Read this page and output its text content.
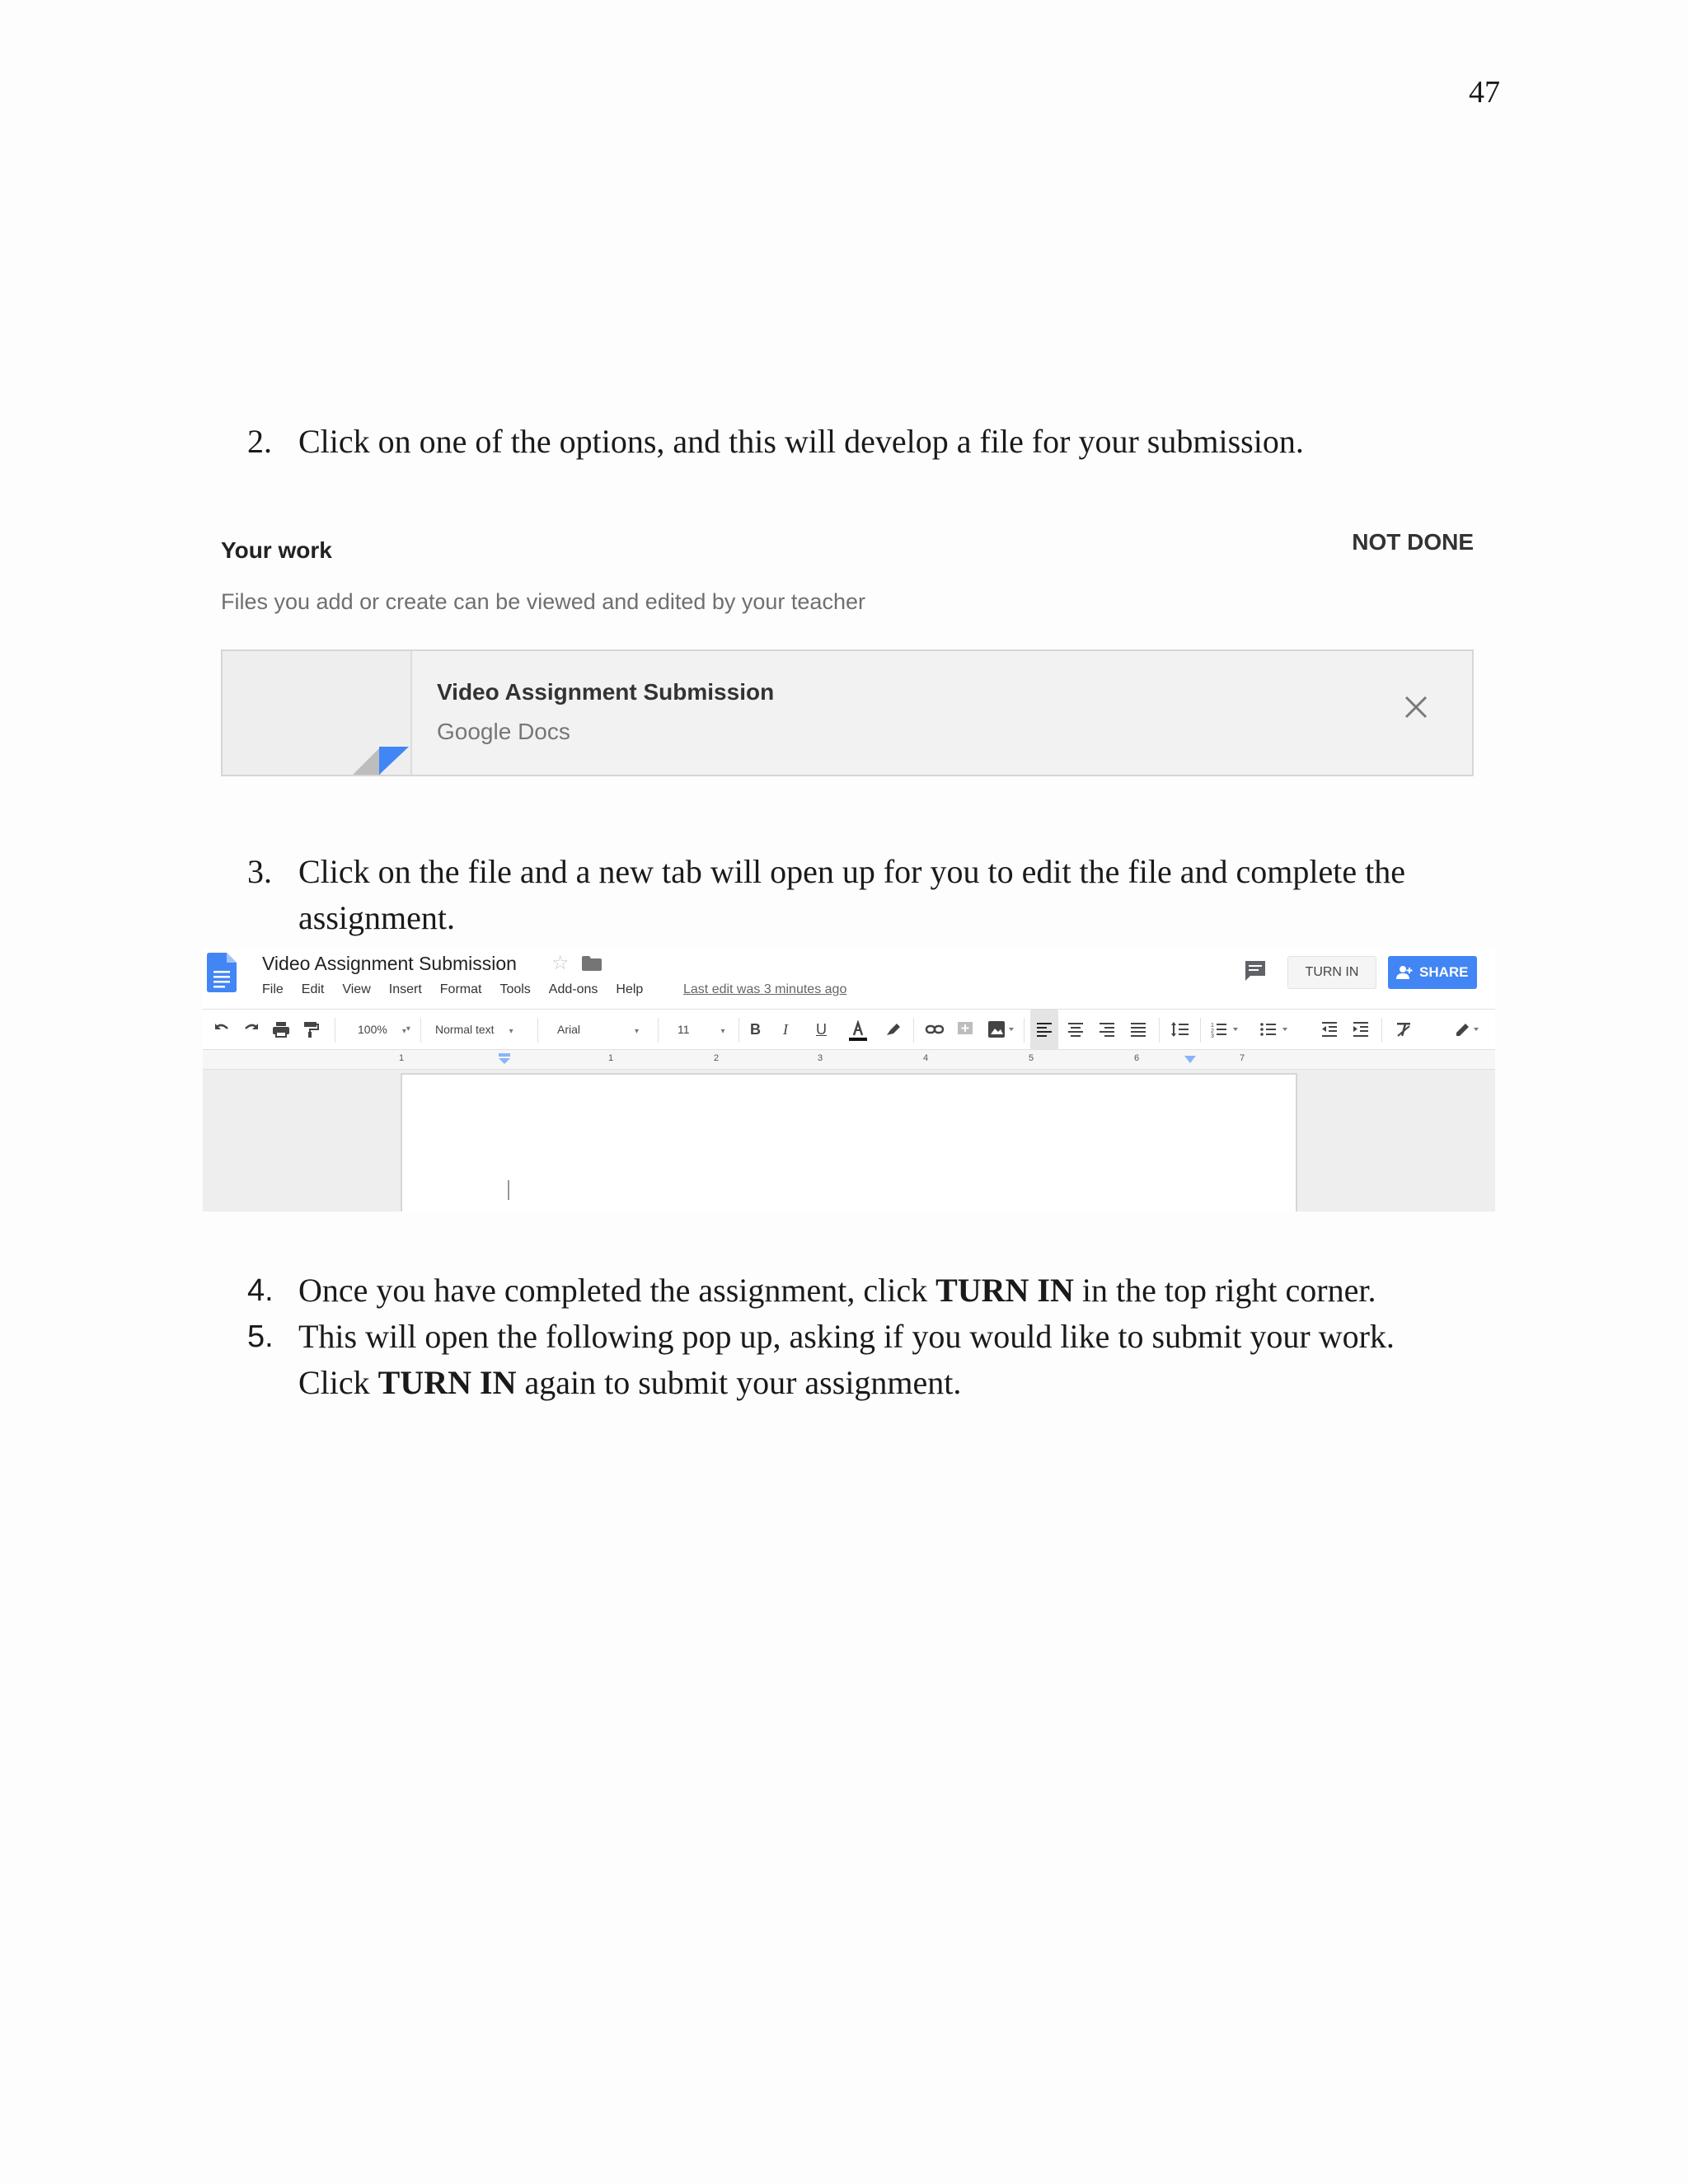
47
2. Click on one of the options, and this will develop a file for your submission.
Your work	NOT DONE
Files you add or create can be viewed and edited by your teacher
Video Assignment Submission
Google Docs
3. Click on the file and a new tab will open up for you to edit the file and complete the assignment.
Video Assignment Submission ☆
File Edit View Insert Format Tools Add-ons Help	Last edit was 3 minutes ago
TURN IN	SHARE
100% ▾ ▾	Normal text ▾	Arial	▾	11	▾ B I U	1
2
3
1	1	2	3	4	5	6	7
4. Once you have completed the assignment, click TURN IN in the top right corner.
5. This will open the following pop up, asking if you would like to submit your work. Click TURN IN again to submit your assignment.
